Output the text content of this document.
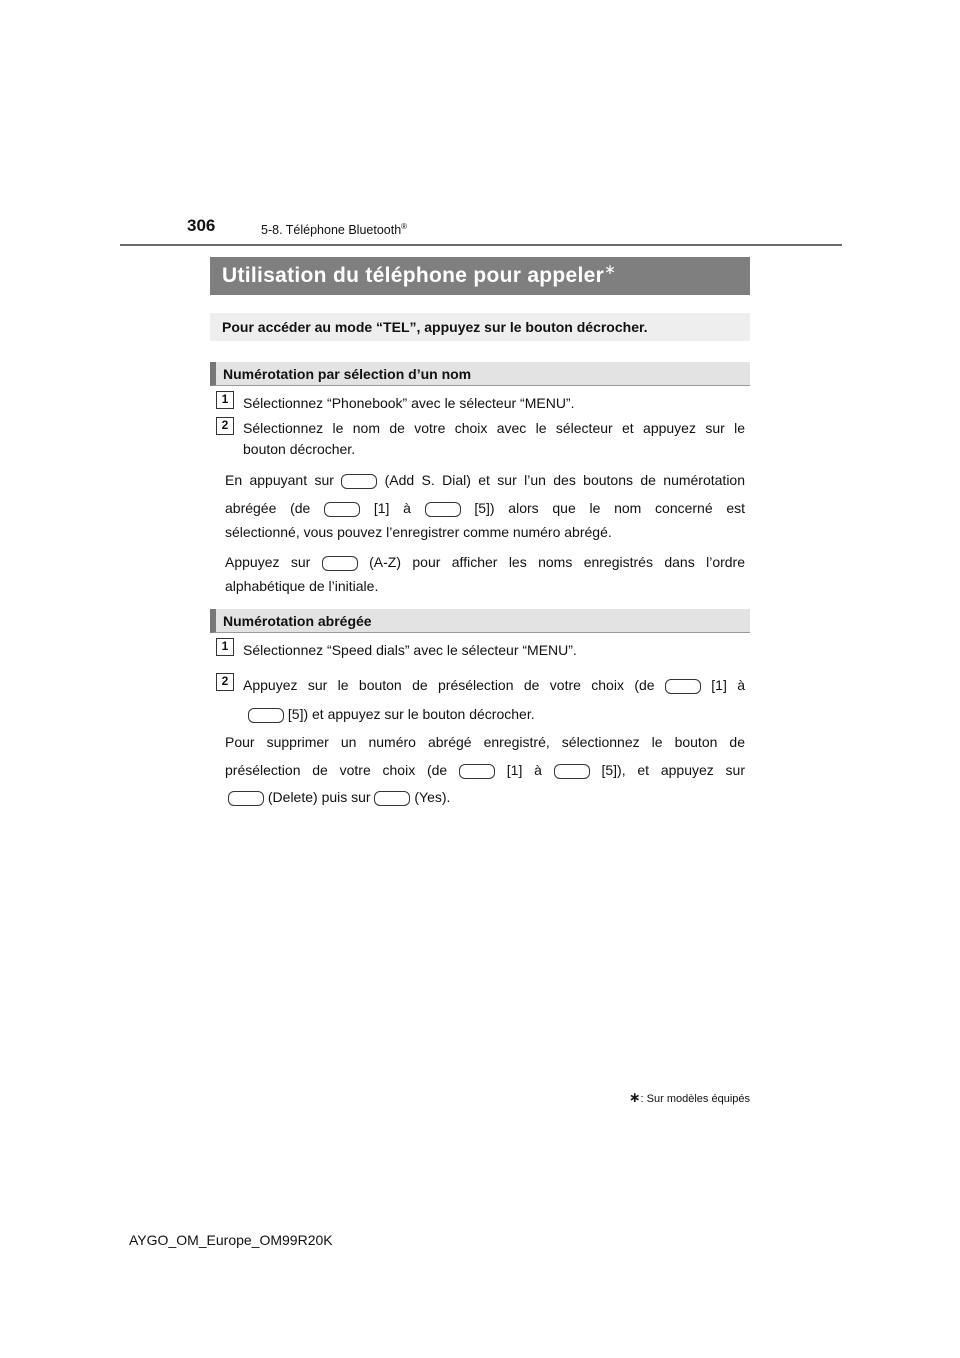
306	5-8. Téléphone Bluetooth®
Utilisation du téléphone pour appeler∗
Pour accéder au mode “TEL”, appuyez sur le bouton décrocher.
Numérotation par sélection d’un nom
1	Sélectionnez “Phonebook” avec le sélecteur “MENU”.
2	Sélectionnez le nom de votre choix avec le sélecteur et appuyez sur le
bouton décrocher.
En appuyant sur	(Add S. Dial) et sur l’un des boutons de numérotation
abrégée (de	[1] à	[5]) alors que le nom concerné est
sélectionné, vous pouvez l’enregistrer comme numéro abrégé.
Appuyez sur	(A-Z) pour afficher les noms enregistrés dans l’ordre
alphabétique de l’initiale.
Numérotation abrégée
1	Sélectionnez “Speed dials” avec le sélecteur “MENU”.
2	Appuyez sur le bouton de présélection de votre choix (de	[1] à
[5]) et appuyez sur le bouton décrocher.
Pour supprimer un numéro abrégé enregistré, sélectionnez le bouton de
présélection de votre choix (de	[1] à	[5]), et appuyez sur
(Delete) puis sur	(Yes).
∗: Sur modèles équipés
AYGO_OM_Europe_OM99R20K
